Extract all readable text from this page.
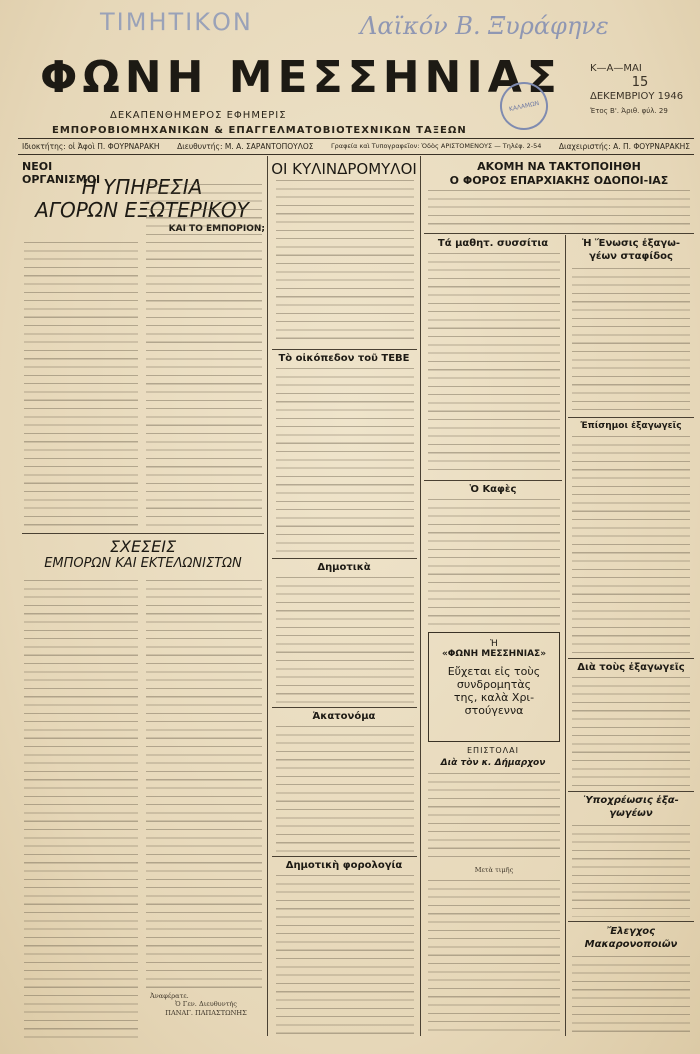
ΤΙΜΗΤΙΚΟΝ	Λαϊκόν Β. Ξυράφηνε
ΦΩΝΗ ΜΕΣΣΗΝΙΑΣ
ΚΑΛΑΜΩΝ
Κ—Α—ΜΑΙ
15
ΔΕΚΕΜΒΡΙΟΥ 1946
Έτος Β'. Άριθ. φύλ. 29
ΔΕΚΑΠΕΝΘΗΜΕΡΟΣ ΕΦΗΜΕΡΙΣ
ΕΜΠΟΡΟΒΙΟΜΗΧΑΝΙΚΩΝ & ΕΠΑΓΓΕΛΜΑΤΟΒΙΟΤΕΧΝΙΚΩΝ ΤΑΞΕΩΝ
Ιδιοκτήτης: οἱ Ἀφοὶ Π. ΦΟΥΡΝΑΡΑΚΗ	Διευθυντής: Μ. Α. ΣΑΡΑΝΤΟΠΟΥΛΟΣ	Γραφεία καὶ Τυπογραφεῖον: Ὁδὸς ΑΡΙΣΤΟΜΕΝΟΥΣ — Τηλέφ. 2-54	Διαχειριστής: Α. Π. ΦΟΥΡΝΑΡΑΚΗΣ
ΝΕΟΙ ΟΡΓΑΝΙΣΜΟΙ
Η ΥΠΗΡΕΣΙΑ
ΑΓΟΡΩΝ ΕΞΩΤΕΡΙΚΟΥ
ΚΑΙ ΤΟ ΕΜΠΟΡΙΟΝ;
ΣΧΕΣΕΙΣ
ΕΜΠΟΡΩΝ ΚΑΙ ΕΚΤΕΛΩΝΙΣΤΩΝ
Ἀναφέρατε.
Ὁ Γεν. Διευθυντής
ΠΑΝΑΓ. ΠΑΠΑΣΤΩΝΗΣ
ΟΙ ΚΥΛΙΝΔΡΟΜΥΛΟΙ
Τὸ οἰκόπεδον τοῦ ΤΕΒΕ
Δημοτικὰ
Ἀκατονόμα
Δημοτικὴ φορολογία
ΑΚΟΜΗ ΝΑ ΤΑΚΤΟΠΟΙΗΘΗ
Ο ΦΟΡΟΣ ΕΠΑΡΧΙΑΚΗΣ ΟΔΟΠΟΙ-ΙΑΣ
Τά μαθητ. συσσίτια
Ὁ Καφὲς
Ἡ
«ΦΩΝΗ ΜΕΣΣΗΝΙΑΣ»
Εὔχεται εἰς τοὺς
συνδρομητὰς
της, καλὰ Χρι-
στούγεννα
ΕΠΙΣΤΟΛΑΙ
Διὰ τὸν κ. Δήμαρχον
Μετὰ τιμῆς
Ἡ Ἕνωσις ἐξαγω-
γέων σταφίδος
Ἐπίσημοι ἐξαγωγεῖς
Διὰ τοὺς ἐξαγωγεῖς
Ὑποχρέωσις ἐξα-
γωγέων
Ἔλεγχος
Μακαρονοποιῶν
